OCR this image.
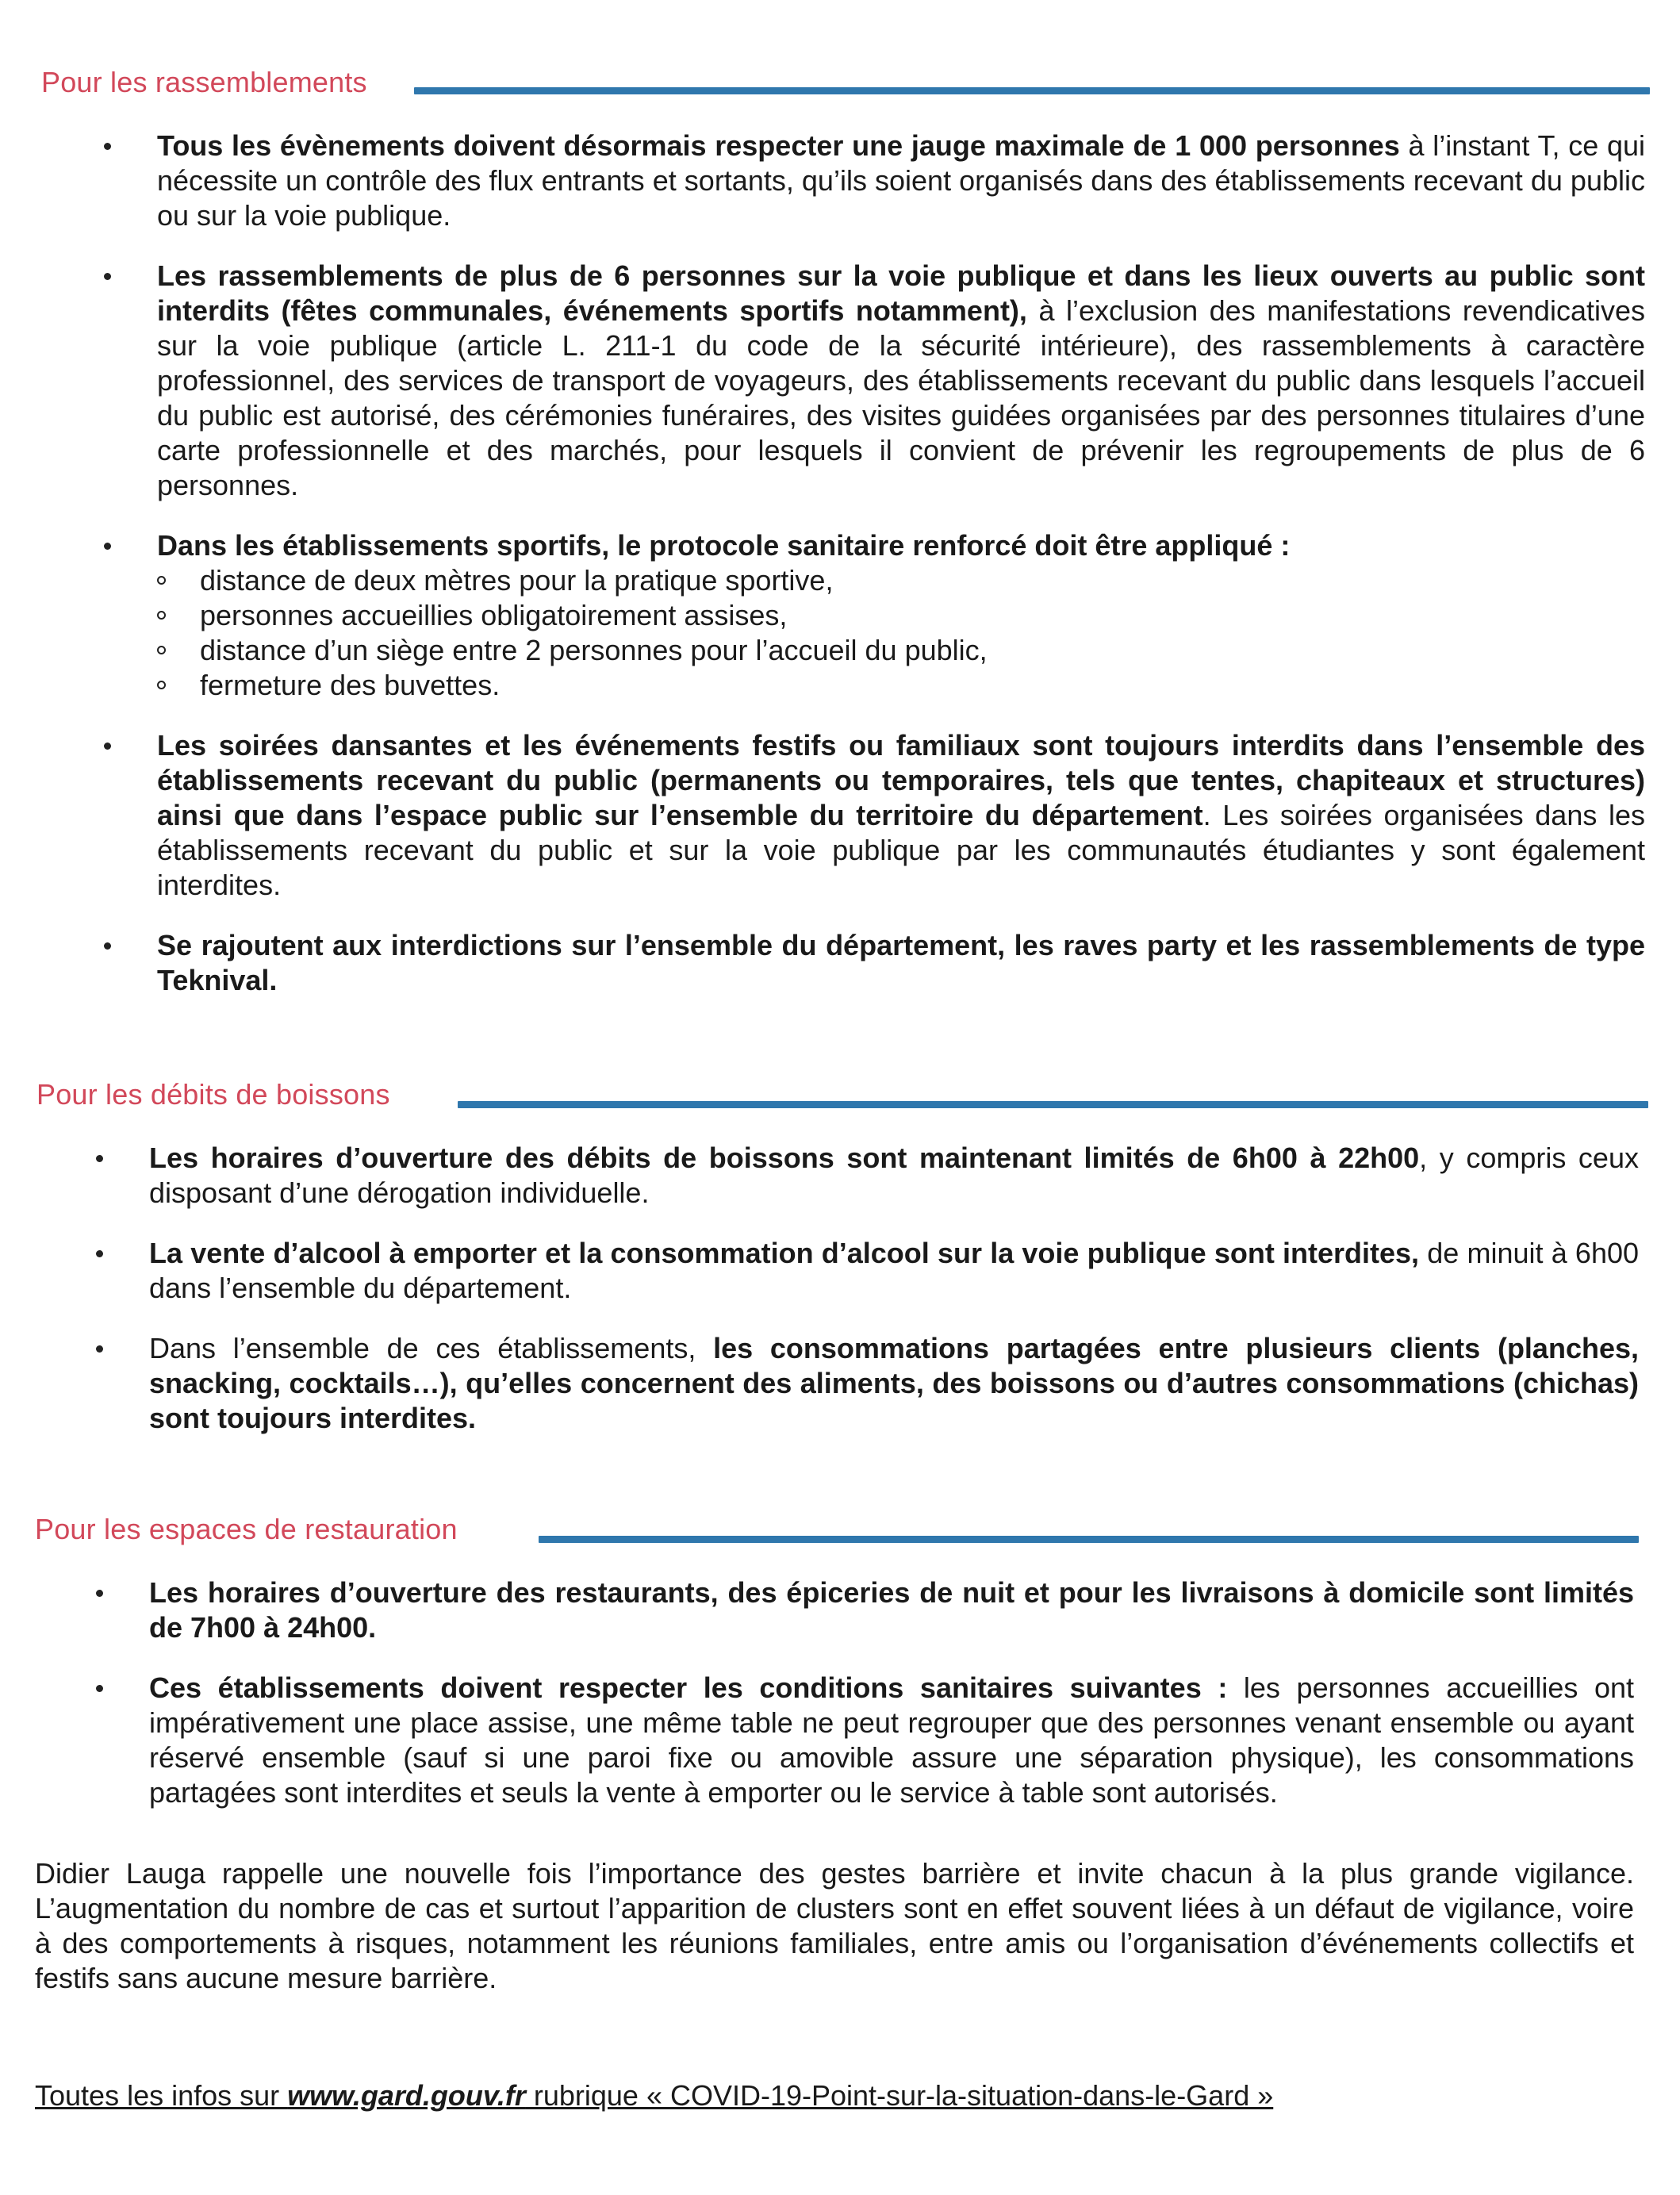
Pour les rassemblements
Tous les évènements doivent désormais respecter une jauge maximale de 1 000 personnes à l’instant T, ce qui nécessite un contrôle des flux entrants et sortants, qu’ils soient organisés dans des établissements recevant du public ou sur la voie publique.
Les rassemblements de plus de 6 personnes sur la voie publique et dans les lieux ouverts au public sont interdits (fêtes communales, événements sportifs notamment), à l’exclusion des manifestations revendicatives sur la voie publique (article L. 211-1 du code de la sécurité intérieure), des rassemblements à caractère professionnel, des services de transport de voyageurs, des établissements recevant du public dans lesquels l’accueil du public est autorisé, des cérémonies funéraires, des visites guidées organisées par des personnes titulaires d’une carte professionnelle et des marchés, pour lesquels il convient de prévenir les regroupements de plus de 6 personnes.
Dans les établissements sportifs, le protocole sanitaire renforcé doit être appliqué :
distance de deux mètres pour la pratique sportive,
personnes accueillies obligatoirement assises,
distance d’un siège entre 2 personnes pour l’accueil du public,
fermeture des buvettes.
Les soirées dansantes et les événements festifs ou familiaux sont toujours interdits dans l’ensemble des établissements recevant du public (permanents ou temporaires, tels que tentes, chapiteaux et structures) ainsi que dans l’espace public sur l’ensemble du territoire du département. Les soirées organisées dans les établissements recevant du public et sur la voie publique par les communautés étudiantes y sont également interdites.
Se rajoutent aux interdictions sur l’ensemble du département, les raves party et les rassemblements de type Teknival.
Pour les débits de boissons
Les horaires d’ouverture des débits de boissons sont maintenant limités de 6h00 à 22h00, y compris ceux disposant d’une dérogation individuelle.
La vente d’alcool à emporter et la consommation d’alcool sur la voie publique sont interdites, de minuit à 6h00 dans l’ensemble du département.
Dans l’ensemble de ces établissements, les consommations partagées entre plusieurs clients (planches, snacking, cocktails…), qu’elles concernent des aliments, des boissons ou d’autres consommations (chichas) sont toujours interdites.
Pour les espaces de restauration
Les horaires d’ouverture des restaurants, des épiceries de nuit et pour les livraisons à domicile sont limités de 7h00 à 24h00.
Ces établissements doivent respecter les conditions sanitaires suivantes : les personnes accueillies ont impérativement une place assise, une même table ne peut regrouper que des personnes venant ensemble ou ayant réservé ensemble (sauf si une paroi fixe ou amovible assure une séparation physique), les consommations partagées sont interdites et seuls la vente à emporter ou le service à table sont autorisés.
Didier Lauga rappelle une nouvelle fois l’importance des gestes barrière et invite chacun à la plus grande vigilance. L’augmentation du nombre de cas et surtout l’apparition de clusters sont en effet souvent liées à un défaut de vigilance, voire à des comportements à risques, notamment les réunions familiales, entre amis ou l’organisation d’événements collectifs et festifs sans aucune mesure barrière.
Toutes les infos sur www.gard.gouv.fr rubrique « COVID-19-Point-sur-la-situation-dans-le-Gard »
